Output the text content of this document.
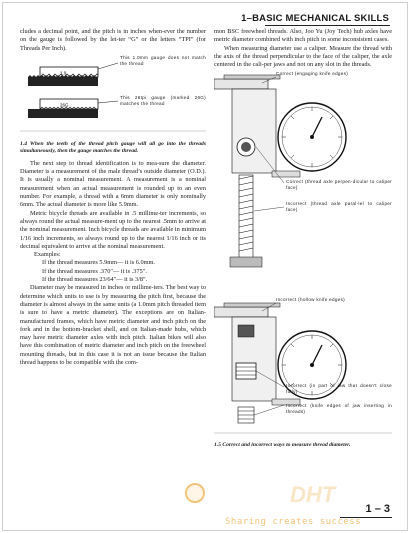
1–BASIC MECHANICAL SKILLS

cludes a decimal point, and the pitch is in inches when-ever the number on the gauge is followed by the let-ter “G” or the letters “TPI” (for Threads Per Inch).

1.0
This 1.0mm gauge does not match the thread
26G
This 26tpi gauge (marked 26G) matches the thread

1.4 When the teeth of the thread pitch gauge will all go into the threads simultaneously, then the gauge matches the thread.

The next step to thread identification is to mea-sure the diameter. Diameter is a measurement of the male thread’s outside diameter (O.D.). It is usually a nominal measurement. A measurement is a nominal measurement when an actual measurement is rounded up to an even number. For example, a thread with a 6mm diameter is only nominally 6mm. The actual diameter is more like 5.9mm.

Metric bicycle threads are available in .5 millime-ter increments, so always round the actual measure-ment up to the nearest .5mm to arrive at the nominal measurement. Inch bicycle threads are available in minimum 1/16 inch increments, so always round up to the nearest 1/16 inch or its decimal equivalent to arrive at the nominal measurement.

Examples:

If the thread measures 5.9mm— it is 6.0mm.

If the thread measures .370″— it is .375″.

If the thread measures 23/64″— it is 3/8″.

Diameter may be measured in inches or millime-ters. The best way to determine which units to use is by measuring the pitch first, because the diameter is almost always in the same units (a 1.0mm pitch threaded item is sure to have a metric diameter). The exceptions are on Italian-manufactured frames, which have metric diameter and inch pitch on the fork and in the bottom-bracket shell, and on Italian-made hubs, which may have metric diameter axles with inch pitch. Italian bikes will also have this combination of metric diameter and inch pitch on the freewheel mounting threads, but in this case it is not an issue because the Italian thread happens to be compatible with the com-

mon BSC freewheel threads. Also, Joo Yu (Joy Tech) hub axles have metric diameter combined with inch pitch in some inconsistent cases.

When measuring diameter use a caliper. Measure the thread with the axis of the thread perpendicular to the face of the caliper, the axle centered in the cali-per jaws and not on any slot in the threads.

Correct (engaging knife edges)
Correct (thread axle perpen-dicular to caliper face)
Incorrect (thread axle paral-lel to caliper face)
Incorrect (hollow knife edges)
Incorrect (in part of jaw that doesn't close fully)
Incorrect (knife edges of jaw inserting in threads)

1.5 Correct and incorrect ways to measure thread diameter.

DHT
1 – 3
Sharing creates success
